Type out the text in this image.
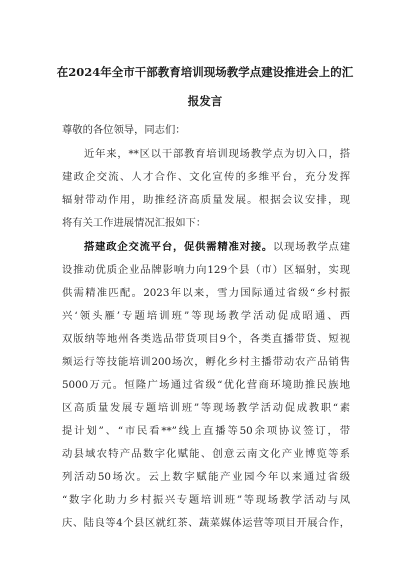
在2024年全市干部教育培训现场教学点建设推进会上的汇
报发言
尊敬的各位领导，同志们：
近年来，**区以干部教育培训现场教学点为切入口，搭
建政企交流、人才合作、文化宣传的多维平台，充分发挥
辐射带动作用，助推经济高质量发展。根据会议安排，现
将有关工作进展情况汇报如下：
搭建政企交流平台，促供需精准对接。以现场教学点建
设推动优质企业品牌影响力向129个县（市）区辐射，实现
供需精准匹配。2023年以来，雪力国际通过省级“乡村振
兴‘领头雁’专题培训班”等现场教学活动促成昭通、西
双版纳等地州各类选品带货项目9个，各类直播带货、短视
频运行等技能培训200场次，孵化乡村主播带动农产品销售
5000万元。恒隆广场通过省级“优化营商环境助推民族地
区高质量发展专题培训班”等现场教学活动促成教职“素
提计划”、“市民看**”线上直播等50余项协议签订，带
动县域农特产品数字化赋能、创意云南文化产业博览等系
列活动50场次。云上数字赋能产业园今年以来通过省级
“数字化助力乡村振兴专题培训班”等现场教学活动与凤
庆、陆良等4个县区就红茶、蔬菜媒体运营等项目开展合作，
